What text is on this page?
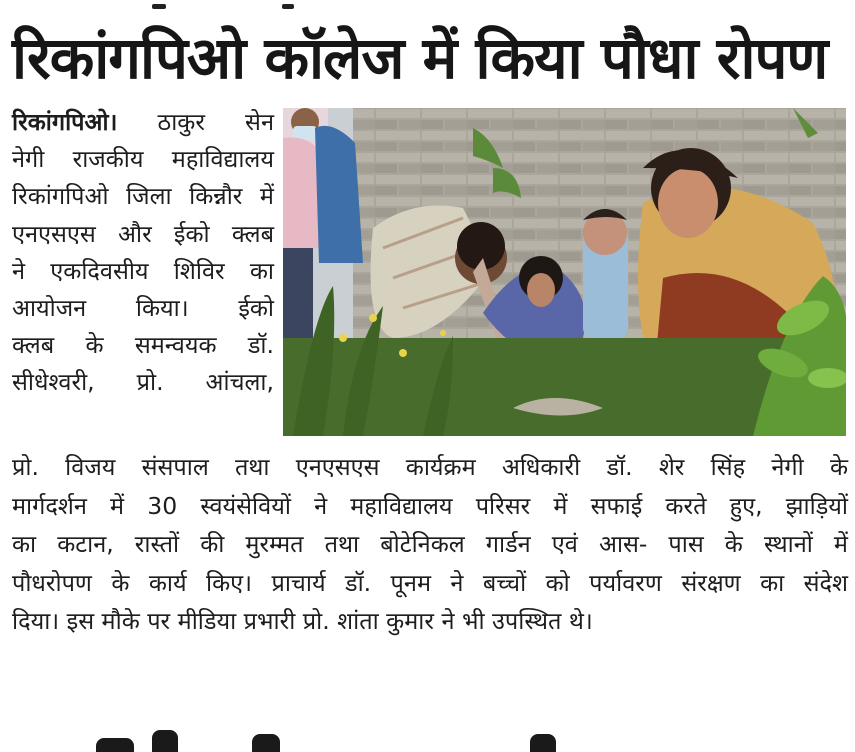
रिकांगपिओ कॉलेज में किया पौधा रोपण
रिकांगपिओ। ठाकुर सेन
नेगी राजकीय महाविद्यालय
रिकांगपिओ जिला किन्नौर में
एनएसएस और ईको क्लब
ने एकदिवसीय शिविर का
आयोजन किया। ईको
क्लब के समन्वयक डॉ.
सीधेश्वरी, प्रो. आंचला,
प्रो. विजय संसपाल तथा एनएसएस कार्यक्रम अधिकारी डॉ. शेर सिंह नेगी के
मार्गदर्शन में 30 स्वयंसेवियों ने महाविद्यालय परिसर में सफाई करते हुए, झाड़ियों
का कटान, रास्तों की मुरम्मत तथा बोटेनिकल गार्डन एवं आस- पास के स्थानों में
पौधरोपण के कार्य किए। प्राचार्य डॉ. पूनम ने बच्चों को पर्यावरण संरक्षण का संदेश
दिया। इस मौके पर मीडिया प्रभारी प्रो. शांता कुमार ने भी उपस्थित थे।
